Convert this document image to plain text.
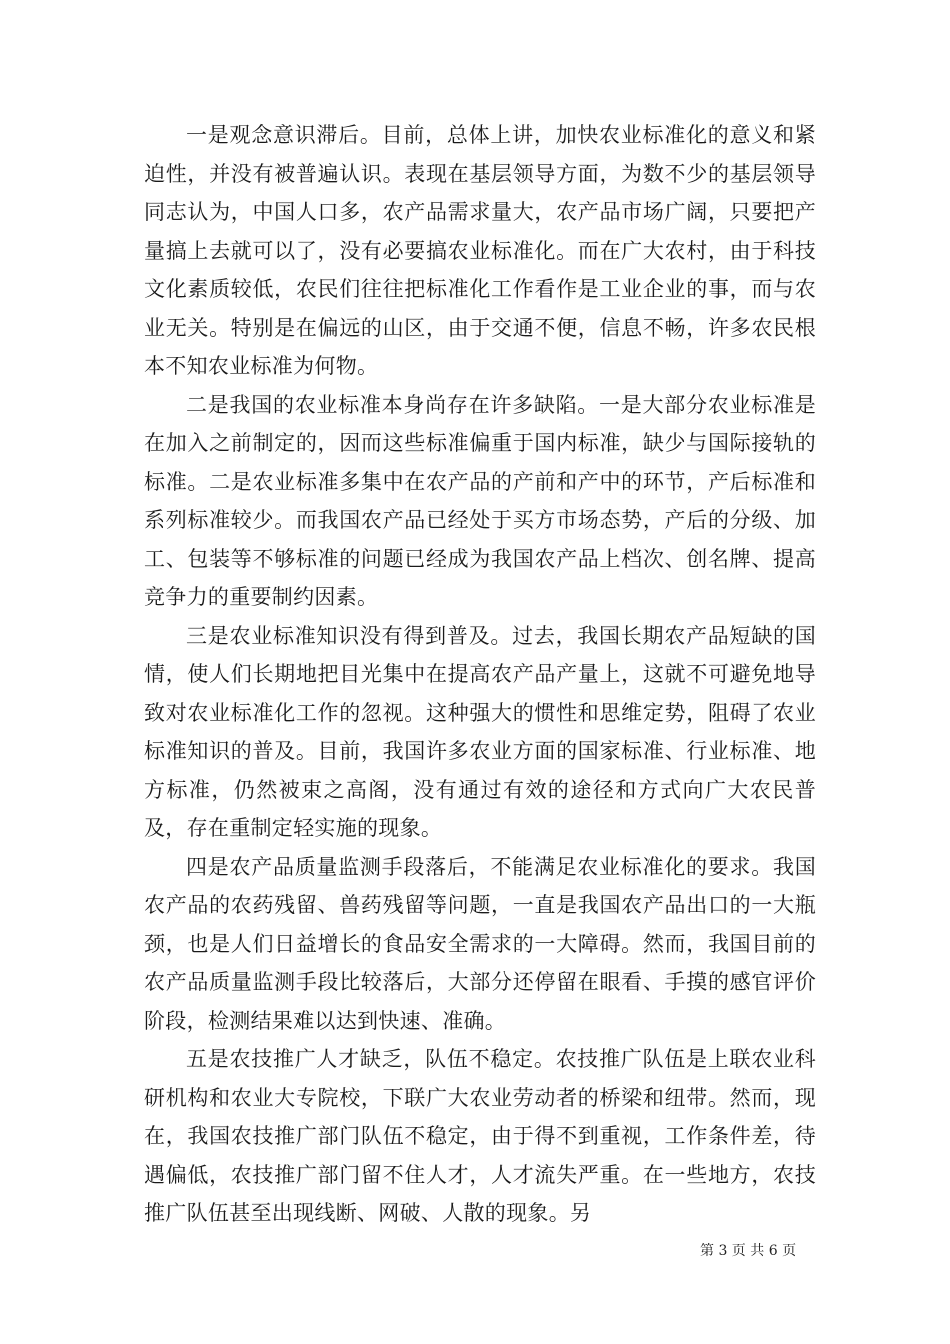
一是观念意识滞后。目前，总体上讲，加快农业标准化的意义和紧迫性，并没有被普遍认识。表现在基层领导方面，为数不少的基层领导同志认为，中国人口多，农产品需求量大，农产品市场广阔，只要把产量搞上去就可以了，没有必要搞农业标准化。而在广大农村，由于科技文化素质较低，农民们往往把标准化工作看作是工业企业的事，而与农业无关。特别是在偏远的山区，由于交通不便，信息不畅，许多农民根本不知农业标准为何物。

二是我国的农业标准本身尚存在许多缺陷。一是大部分农业标准是在加入之前制定的，因而这些标准偏重于国内标准，缺少与国际接轨的标准。二是农业标准多集中在农产品的产前和产中的环节，产后标准和系列标准较少。而我国农产品已经处于买方市场态势，产后的分级、加工、包装等不够标准的问题已经成为我国农产品上档次、创名牌、提高竞争力的重要制约因素。

三是农业标准知识没有得到普及。过去，我国长期农产品短缺的国情，使人们长期地把目光集中在提高农产品产量上，这就不可避免地导致对农业标准化工作的忽视。这种强大的惯性和思维定势，阻碍了农业标准知识的普及。目前，我国许多农业方面的国家标准、行业标准、地方标准，仍然被束之高阁，没有通过有效的途径和方式向广大农民普及，存在重制定轻实施的现象。

四是农产品质量监测手段落后，不能满足农业标准化的要求。我国农产品的农药残留、兽药残留等问题，一直是我国农产品出口的一大瓶颈，也是人们日益增长的食品安全需求的一大障碍。然而，我国目前的农产品质量监测手段比较落后，大部分还停留在眼看、手摸的感官评价阶段，检测结果难以达到快速、准确。

五是农技推广人才缺乏，队伍不稳定。农技推广队伍是上联农业科研机构和农业大专院校，下联广大农业劳动者的桥梁和纽带。然而，现在，我国农技推广部门队伍不稳定，由于得不到重视，工作条件差，待遇偏低，农技推广部门留不住人才，人才流失严重。在一些地方，农技推广队伍甚至出现线断、网破、人散的现象。另

第 3 页 共 6 页
